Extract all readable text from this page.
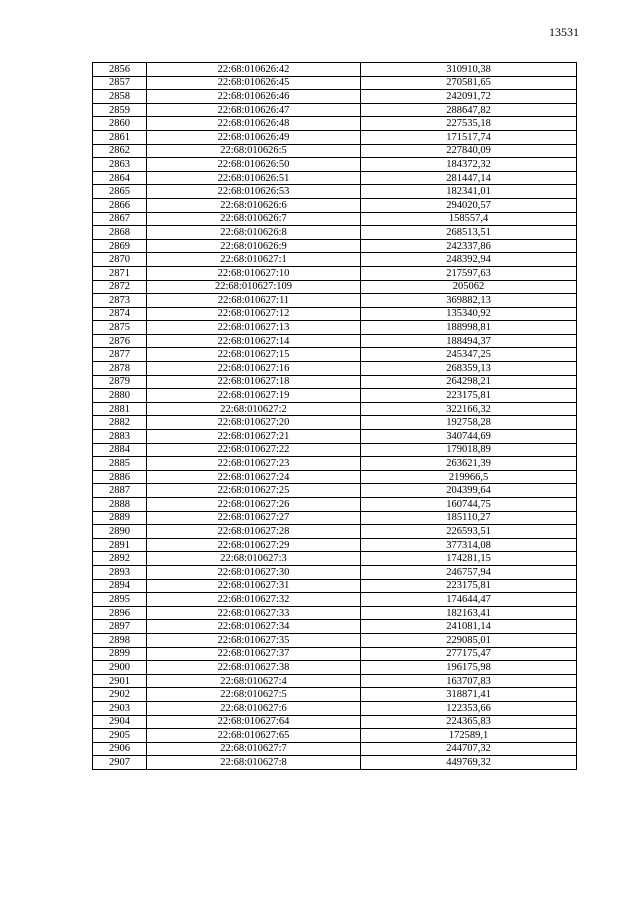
13531
2856	22:68:010626:42	310910,38
2857	22:68:010626:45	270581,65
2858	22:68:010626:46	242091,72
2859	22:68:010626:47	288647,82
2860	22:68:010626:48	227535,18
2861	22:68:010626:49	171517,74
2862	22:68:010626:5	227840,09
2863	22:68:010626:50	184372,32
2864	22:68:010626:51	281447,14
2865	22:68:010626:53	182341,01
2866	22:68:010626:6	294020,57
2867	22:68:010626:7	158557,4
2868	22:68:010626:8	268513,51
2869	22:68:010626:9	242337,86
2870	22:68:010627:1	248392,94
2871	22:68:010627:10	217597,63
2872	22:68:010627:109	205062
2873	22:68:010627:11	369882,13
2874	22:68:010627:12	135340,92
2875	22:68:010627:13	188998,81
2876	22:68:010627:14	188494,37
2877	22:68:010627:15	245347,25
2878	22:68:010627:16	268359,13
2879	22:68:010627:18	264298,21
2880	22:68:010627:19	223175,81
2881	22:68:010627:2	322166,32
2882	22:68:010627:20	192758,28
2883	22:68:010627:21	340744,69
2884	22:68:010627:22	179018,89
2885	22:68:010627:23	263621,39
2886	22:68:010627:24	219966,5
2887	22:68:010627:25	204399,64
2888	22:68:010627:26	160744,75
2889	22:68:010627:27	185110,27
2890	22:68:010627:28	226593,51
2891	22:68:010627:29	377314,08
2892	22:68:010627:3	174281,15
2893	22:68:010627:30	246757,94
2894	22:68:010627:31	223175,81
2895	22:68:010627:32	174644,47
2896	22:68:010627:33	182163,41
2897	22:68:010627:34	241081,14
2898	22:68:010627:35	229085,01
2899	22:68:010627:37	277175,47
2900	22:68:010627:38	196175,98
2901	22:68:010627:4	163707,83
2902	22:68:010627:5	318871,41
2903	22:68:010627:6	122353,66
2904	22:68:010627:64	224365,83
2905	22:68:010627:65	172589,1
2906	22:68:010627:7	244707,32
2907	22:68:010627:8	449769,32
